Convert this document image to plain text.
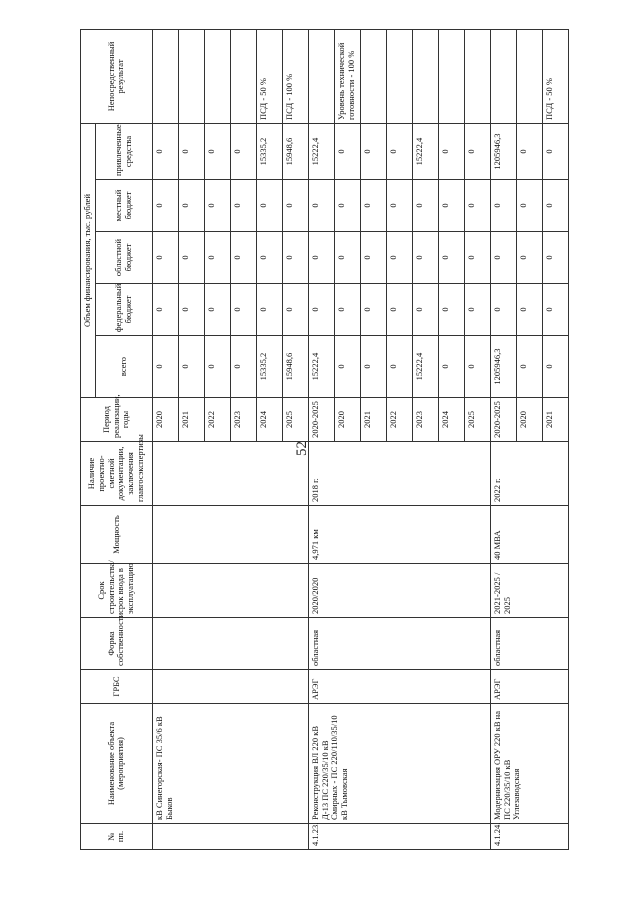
52
№ пп.	Наименование объекта (мероприятия)	ГРБС	Форма собственности	Срок строительства/срок ввода в эксплуатацию	Мощность	Наличие проектно-сметной документации, заключения главгосэкспертизы	Период реализации, годы	Объем финансирования, тыс. рублей					Непосредственный результат
								всего	федеральный бюджет	областной бюджет	местный бюджет	привлеченные средства	
	кВ Синегорская- ПС 35/6 кВ Быков						2020	0	0	0	0	0	
							2021	0	0	0	0	0	
							2022	0	0	0	0	0	
							2023	0	0	0	0	0	
							2024	15335,2	0	0	0	15335,2	ПСД - 50 %
							2025	15948,6	0	0	0	15948,6	ПСД - 100 %
4.1.23.	Реконструкция ВЛ 220 кВ Д-13 ПС 220/35/10 кВ Смирных - ПС 220/110/35/10 кВ Тымовская	АРЭГ	областная	2020/2020	4,971 км	2018 г.	2020-2025	15222,4	0	0	0	15222,4	
							2020	0	0	0	0	0	Уровень технической готовности - 100 %
							2021	0	0	0	0	0	
							2022	0	0	0	0	0	
							2023	15222,4	0	0	0	15222,4	
							2024	0	0	0	0	0	
							2025	0	0	0	0	0	
4.1.24.	Модернизация ОРУ 220 кВ на ПС 220/35/10 кВ Углезаводская	АРЭГ	областная	2021-2025 / 2025	40 МВА	2022 г.	2020-2025	1205946,3	0	0	0	1205946,3	
							2020	0	0	0	0	0	
							2021	0	0	0	0	0	ПСД - 50 %
